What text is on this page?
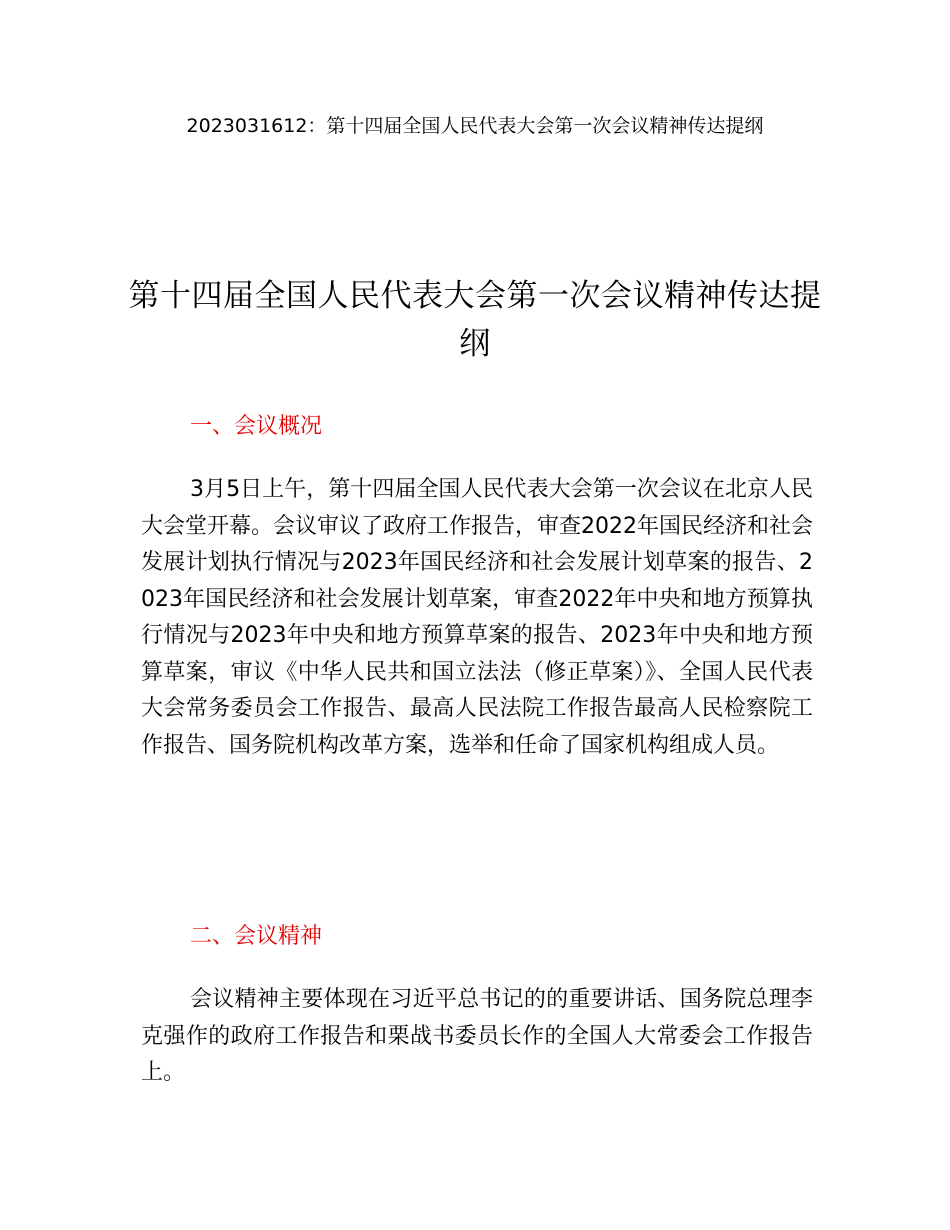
2023031612：第十四届全国人民代表大会第一次会议精神传达提纲
第十四届全国人民代表大会第一次会议精神传达提纲
一、会议概况
3月5日上午，第十四届全国人民代表大会第一次会议在北京人民大会堂开幕。会议审议了政府工作报告，审查2022年国民经济和社会发展计划执行情况与2023年国民经济和社会发展计划草案的报告、2023年国民经济和社会发展计划草案，审查2022年中央和地方预算执行情况与2023年中央和地方预算草案的报告、2023年中央和地方预算草案，审议《中华人民共和国立法法（修正草案）》、全国人民代表大会常务委员会工作报告、最高人民法院工作报告最高人民检察院工作报告、国务院机构改革方案，选举和任命了国家机构组成人员。
二、会议精神
会议精神主要体现在习近平总书记的的重要讲话、国务院总理李克强作的政府工作报告和栗战书委员长作的全国人大常委会工作报告上。
